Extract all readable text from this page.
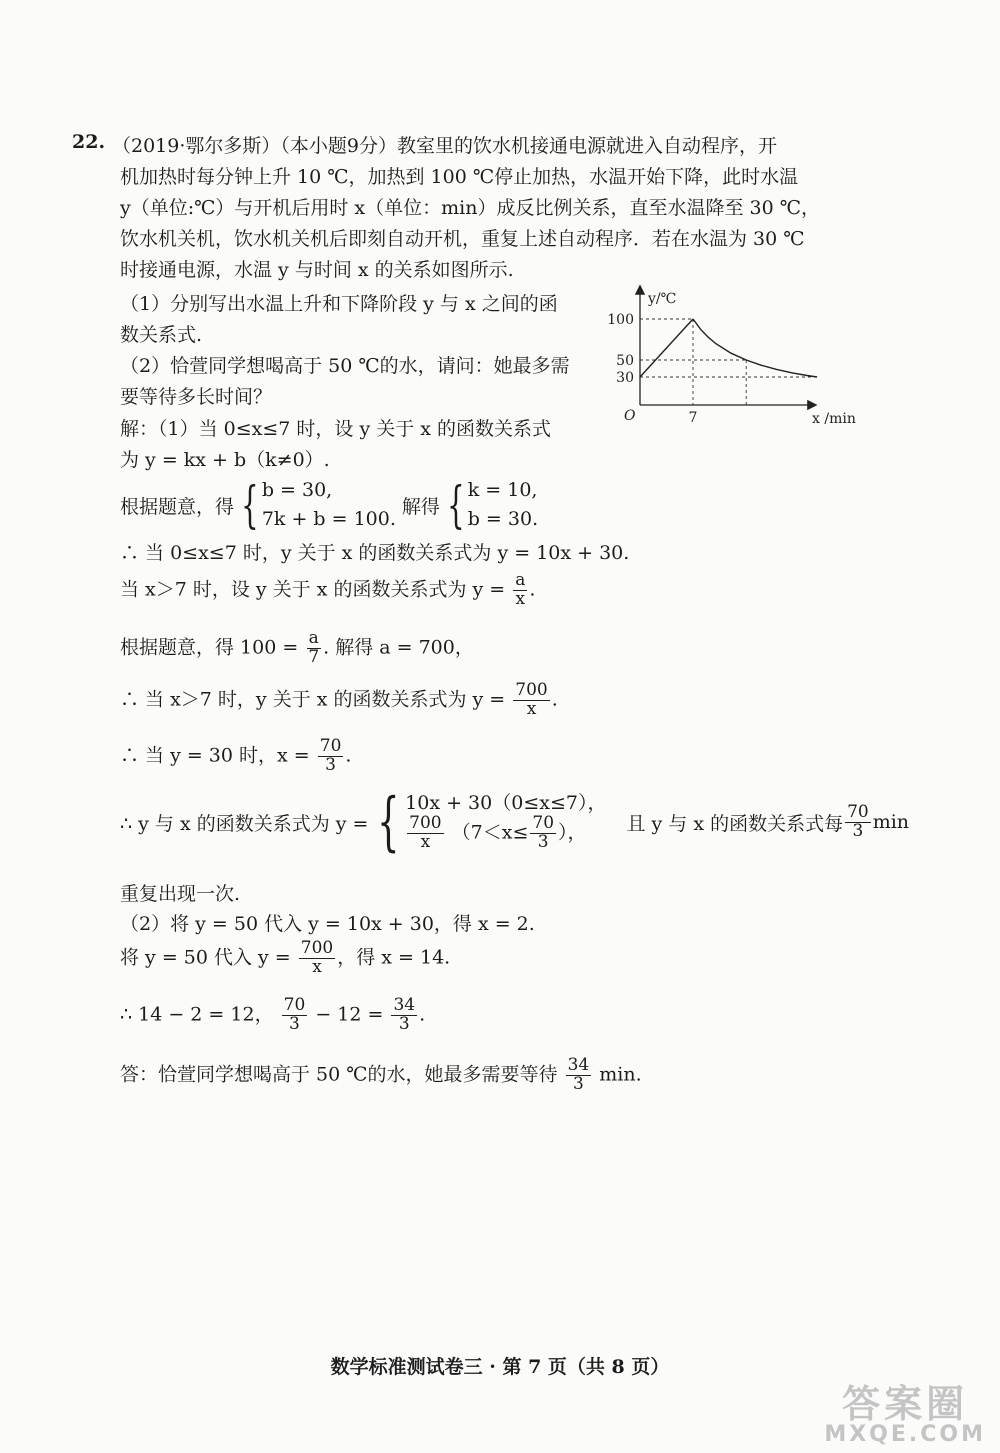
22. （2019·鄂尔多斯）（本小题9分）教室里的饮水机接通电源就进入自动程序，开
机加热时每分钟上升 10 ℃，加热到 100 ℃停止加热，水温开始下降，此时水温
y（单位:℃）与开机后用时 x（单位：min）成反比例关系，直至水温降至 30 ℃，
饮水机关机，饮水机关机后即刻自动开机，重复上述自动程序．若在水温为 30 ℃
时接通电源，水温 y 与时间 x 的关系如图所示.
（1）分别写出水温上升和下降阶段 y 与 x 之间的函
数关系式.
（2）恰萱同学想喝高于 50 ℃的水，请问：她最多需
要等待多长时间？
y/℃
x /min
O
100
50
30
7
解：（1）当 0≤x≤7 时，设 y 关于 x 的函数关系式
为 y = kx + b（k≠0）.
根据题意，得 { b = 30,
7k + b = 100.
解得 { k = 10,
b = 30.
∴ 当 0≤x≤7 时，y 关于 x 的函数关系式为 y = 10x + 30.
当 x＞7 时，设 y 关于 x 的函数关系式为 $y = \frac{a}{x}$ .
根据题意，得 $100 = \frac{a}{7}$ . 解得 a = 700，
∴ 当 x＞7 时，y 关于 x 的函数关系式为 $y = \frac{700}{x}$ .
∴ 当 y = 30 时，$x = \frac{70}{3}$ .
∴ y 与 x 的函数关系式为 y = { 10x + 30（0≤x≤7），
$\frac{700}{x} (7<x\le \frac{70}{3}$ ），	且 y 与 x 的函数关系式每 $\frac{70}{3}$ min
重复出现一次.
（2）将 y = 50 代入 y = 10x + 30，得 x = 2.
将 y = 50 代入 $y = \frac{700}{x}$ ，得 x = 14.
∴ 14 − 2 = 12， $\frac{70}{3} - 12 = \frac{34}{3}$ .
答：恰萱同学想喝高于 50 ℃的水，她最多需要等待 $\frac{34}{3} \min$.
数学标准测试卷三 · 第 7 页（共 8 页）
答案圈
MXQE.COM
